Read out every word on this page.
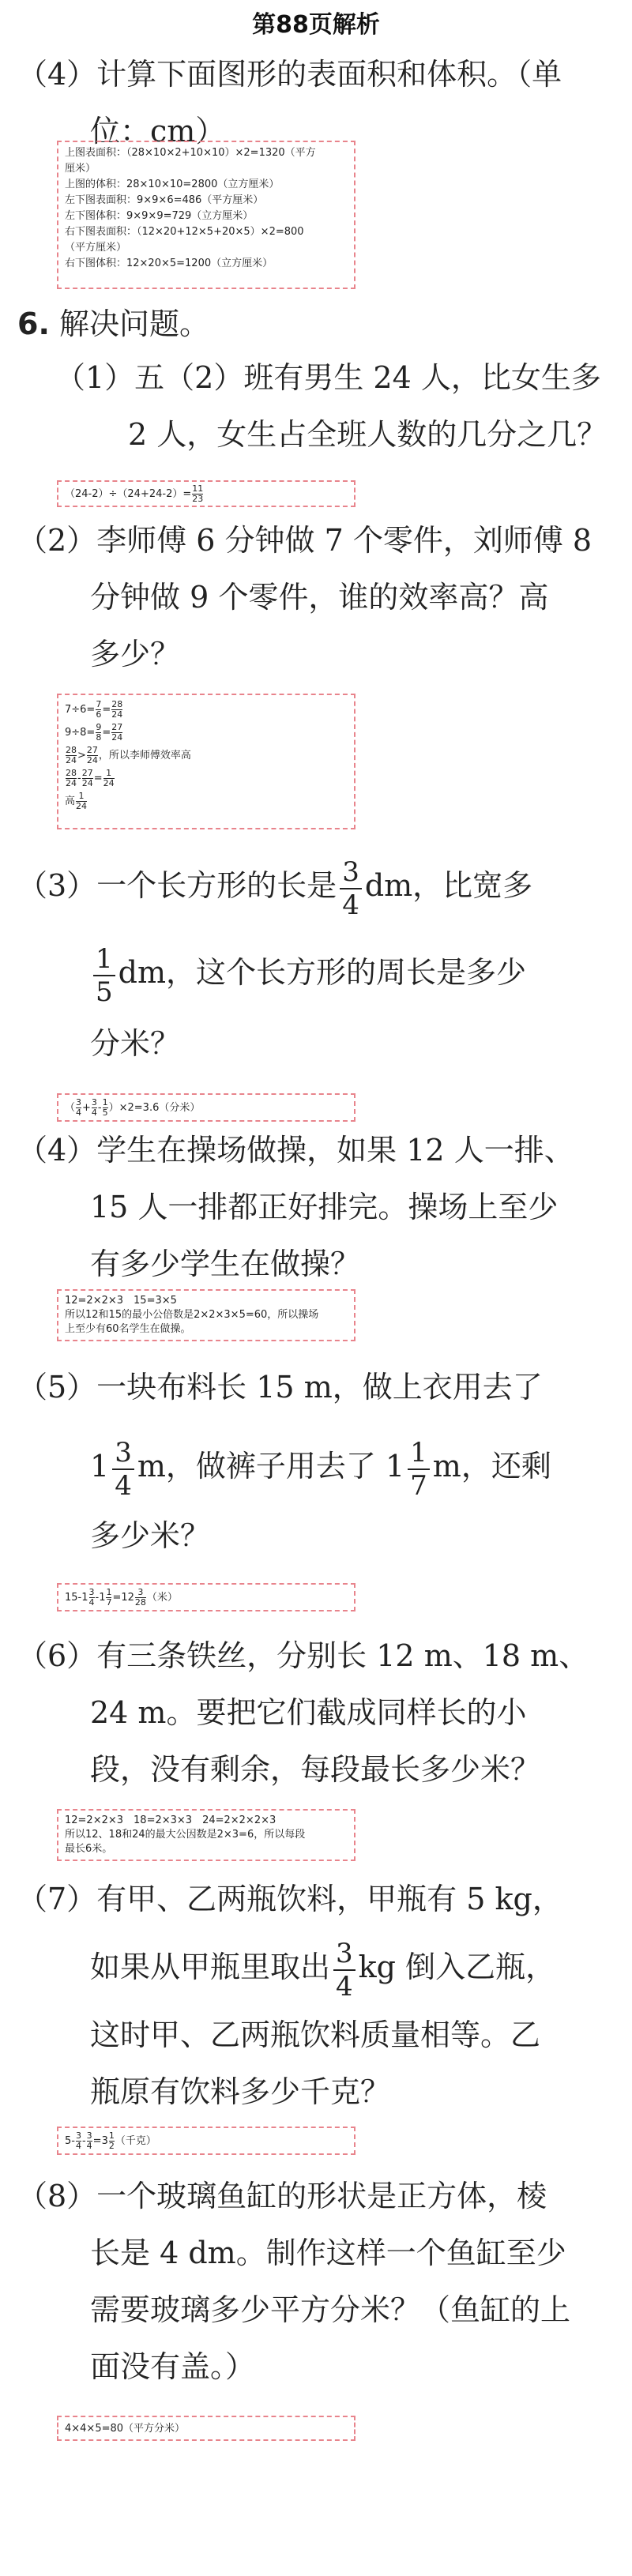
第88页解析
（4）计算下面图形的表面积和体积。（单
位：cm）
上图表面积：（28×10×2+10×10）×2=1320（平方
厘米）
上图的体积：28×10×10=2800（立方厘米）
左下图表面积：9×9×6=486（平方厘米）
左下图体积：9×9×9=729（立方厘米）
右下图表面积：（12×20+12×5+20×5）×2=800
（平方厘米）
右下图体积：12×20×5=1200（立方厘米）
6. 解决问题。
（1）五（2）班有男生 24 人，比女生多
2 人，女生占全班人数的几分之几？
$(24-2)\div(24+24-2)= \frac{11}{23}$
（2）李师傅 6 分钟做 7 个零件，刘师傅 8
分钟做 9 个零件，谁的效率高？高
多少？
$7\div 6= \frac{7}{6} = \frac{28}{24}$
$9\div 8= \frac{9}{8} = \frac{27}{24}$
$\frac{28}{24} > \frac{27}{24}$ ，所以李师傅效率高
$\frac{28}{24} - \frac{27}{24} = \frac{1}{24}$
高 $\frac{1}{24}$
（3）一个长方形的长是 $\frac{3}{4}$ dm，比宽多
$\frac{1}{5}$ dm，这个长方形的周长是多少
分米？
（ $\frac{3}{4} + \frac{3}{4} - \frac{1}{5} )\times 2=3.6$（分米）
（4）学生在操场做操，如果 12 人一排、
15 人一排都正好排完。操场上至少
有多少学生在做操？
12=2×2×3　15=3×5
所以12和15的最小公倍数是2×2×3×5=60，所以操场
上至少有60名学生在做操。
（5）一块布料长 15 m，做上衣用去了
$1 \frac{3}{4}$ m，做裤子用去了 $1 \frac{1}{7}$ m，还剩
多少米？
$15-1 \frac{3}{4} -1 \frac{1}{7} =12 \frac{3}{28}$ （米）
（6）有三条铁丝，分别长 12 m、18 m、
24 m。要把它们截成同样长的小
段，没有剩余，每段最长多少米？
12=2×2×3　18=2×3×3　24=2×2×2×3
所以12、18和24的最大公因数是2×3=6，所以每段
最长6米。
（7）有甲、乙两瓶饮料，甲瓶有 5 kg，
如果从甲瓶里取出 $\frac{3}{4}$ kg 倒入乙瓶，
这时甲、乙两瓶饮料质量相等。乙
瓶原有饮料多少千克？
$5- \frac{3}{4} - \frac{3}{4} =3 \frac{1}{2}$ （千克）
（8）一个玻璃鱼缸的形状是正方体，棱
长是 4 dm。制作这样一个鱼缸至少
需要玻璃多少平方分米？（鱼缸的上
面没有盖。）
4×4×5=80（平方分米）
